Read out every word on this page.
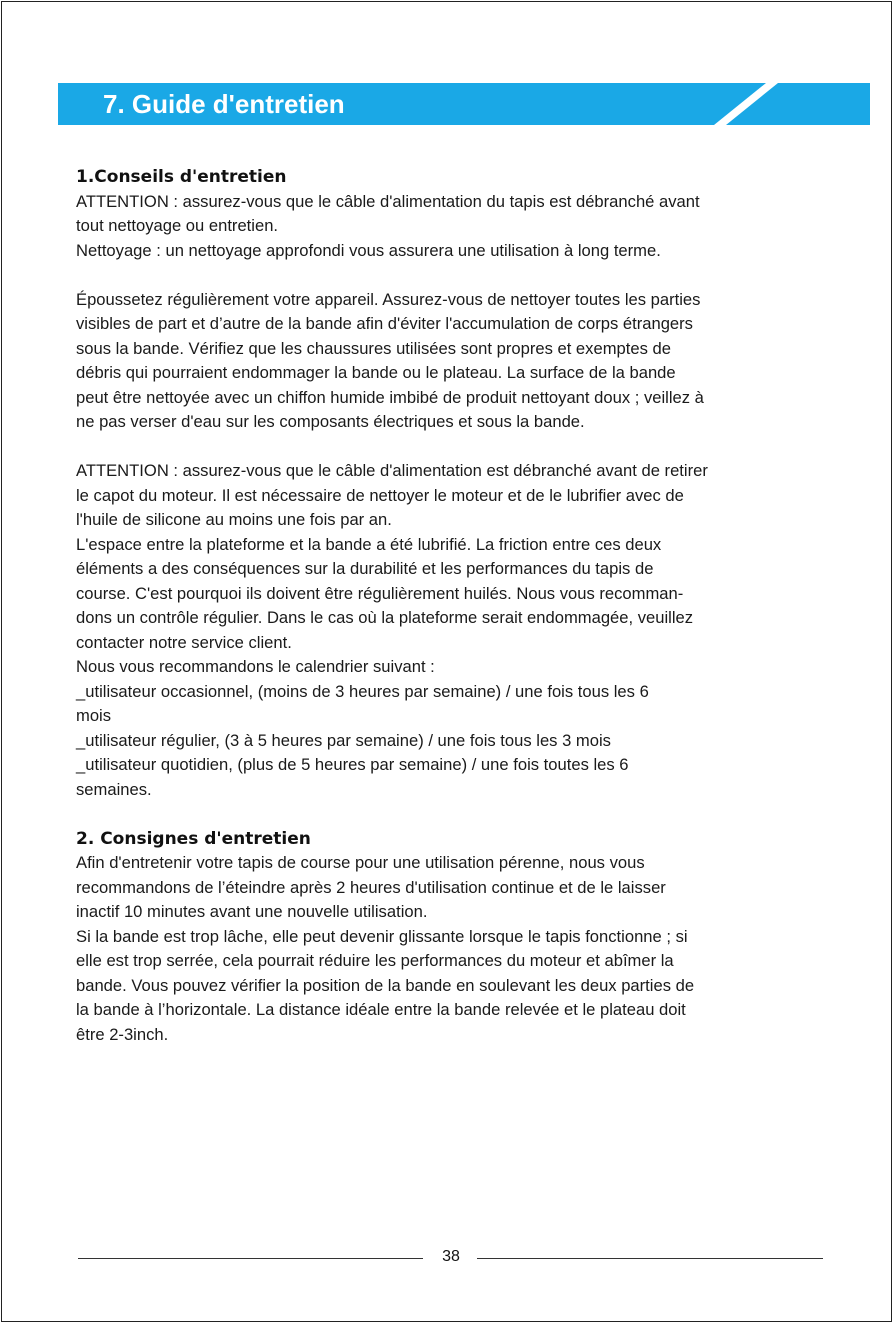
7. Guide d'entretien

1.Conseils d'entretien

ATTENTION : assurez-vous que le câble d'alimentation du tapis est débranché avant

tout nettoyage ou entretien.

Nettoyage : un nettoyage approfondi vous assurera une utilisation à long terme.

Époussetez régulièrement votre appareil. Assurez-vous de nettoyer toutes les parties

visibles de part et d’autre de la bande afin d'éviter l'accumulation de corps étrangers

sous la bande. Vérifiez que les chaussures utilisées sont propres et exemptes de

débris qui pourraient endommager la bande ou le plateau. La surface de la bande

peut être nettoyée avec un chiffon humide imbibé de produit nettoyant doux ; veillez à

ne pas verser d'eau sur les composants électriques et sous la bande.

ATTENTION : assurez-vous que le câble d'alimentation est débranché avant de retirer

le capot du moteur. Il est nécessaire de nettoyer le moteur et de le lubrifier avec de

l'huile de silicone au moins une fois par an.

L'espace entre la plateforme et la bande a été lubrifié. La friction entre ces deux

éléments a des conséquences sur la durabilité et les performances du tapis de

course. C'est pourquoi ils doivent être régulièrement huilés. Nous vous recomman-

dons un contrôle régulier. Dans le cas où la plateforme serait endommagée, veuillez

contacter notre service client.

Nous vous recommandons le calendrier suivant :

_utilisateur occasionnel, (moins de 3 heures par semaine) / une fois tous les 6

mois

_utilisateur régulier, (3 à 5 heures par semaine) / une fois tous les 3 mois

_utilisateur quotidien, (plus de 5 heures par semaine) / une fois toutes les 6

semaines.

2. Consignes d'entretien

Afin d'entretenir votre tapis de course pour une utilisation pérenne, nous vous

recommandons de l’éteindre après 2 heures d'utilisation continue et de le laisser

inactif 10 minutes avant une nouvelle utilisation.

Si la bande est trop lâche, elle peut devenir glissante lorsque le tapis fonctionne ; si

elle est trop serrée, cela pourrait réduire les performances du moteur et abîmer la

bande. Vous pouvez vérifier la position de la bande en soulevant les deux parties de

la bande à l’horizontale. La distance idéale entre la bande relevée et le plateau doit

être 2-3inch.

38
